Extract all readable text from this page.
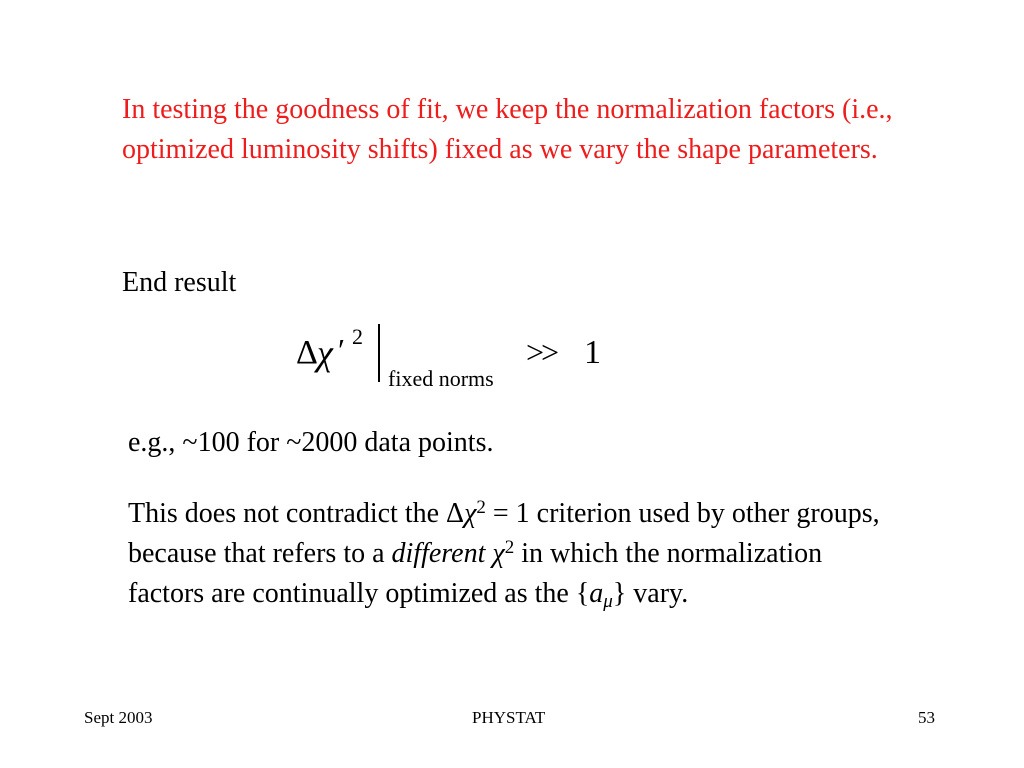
In testing the goodness of fit, we keep the normalization factors (i.e., optimized luminosity shifts) fixed as we vary the shape parameters.

End result

Δ χ ′ 2
fixed norms
>> 1

e.g., ~100 for ~2000 data points.

This does not contradict the $\Delta\chi^2 = 1$ criterion used by other groups, because that refers to a different $\chi^2$ in which the normalization factors are continually optimized as the $\{a_\mu\}$ vary.

Sept 2003	PHYSTAT	53
